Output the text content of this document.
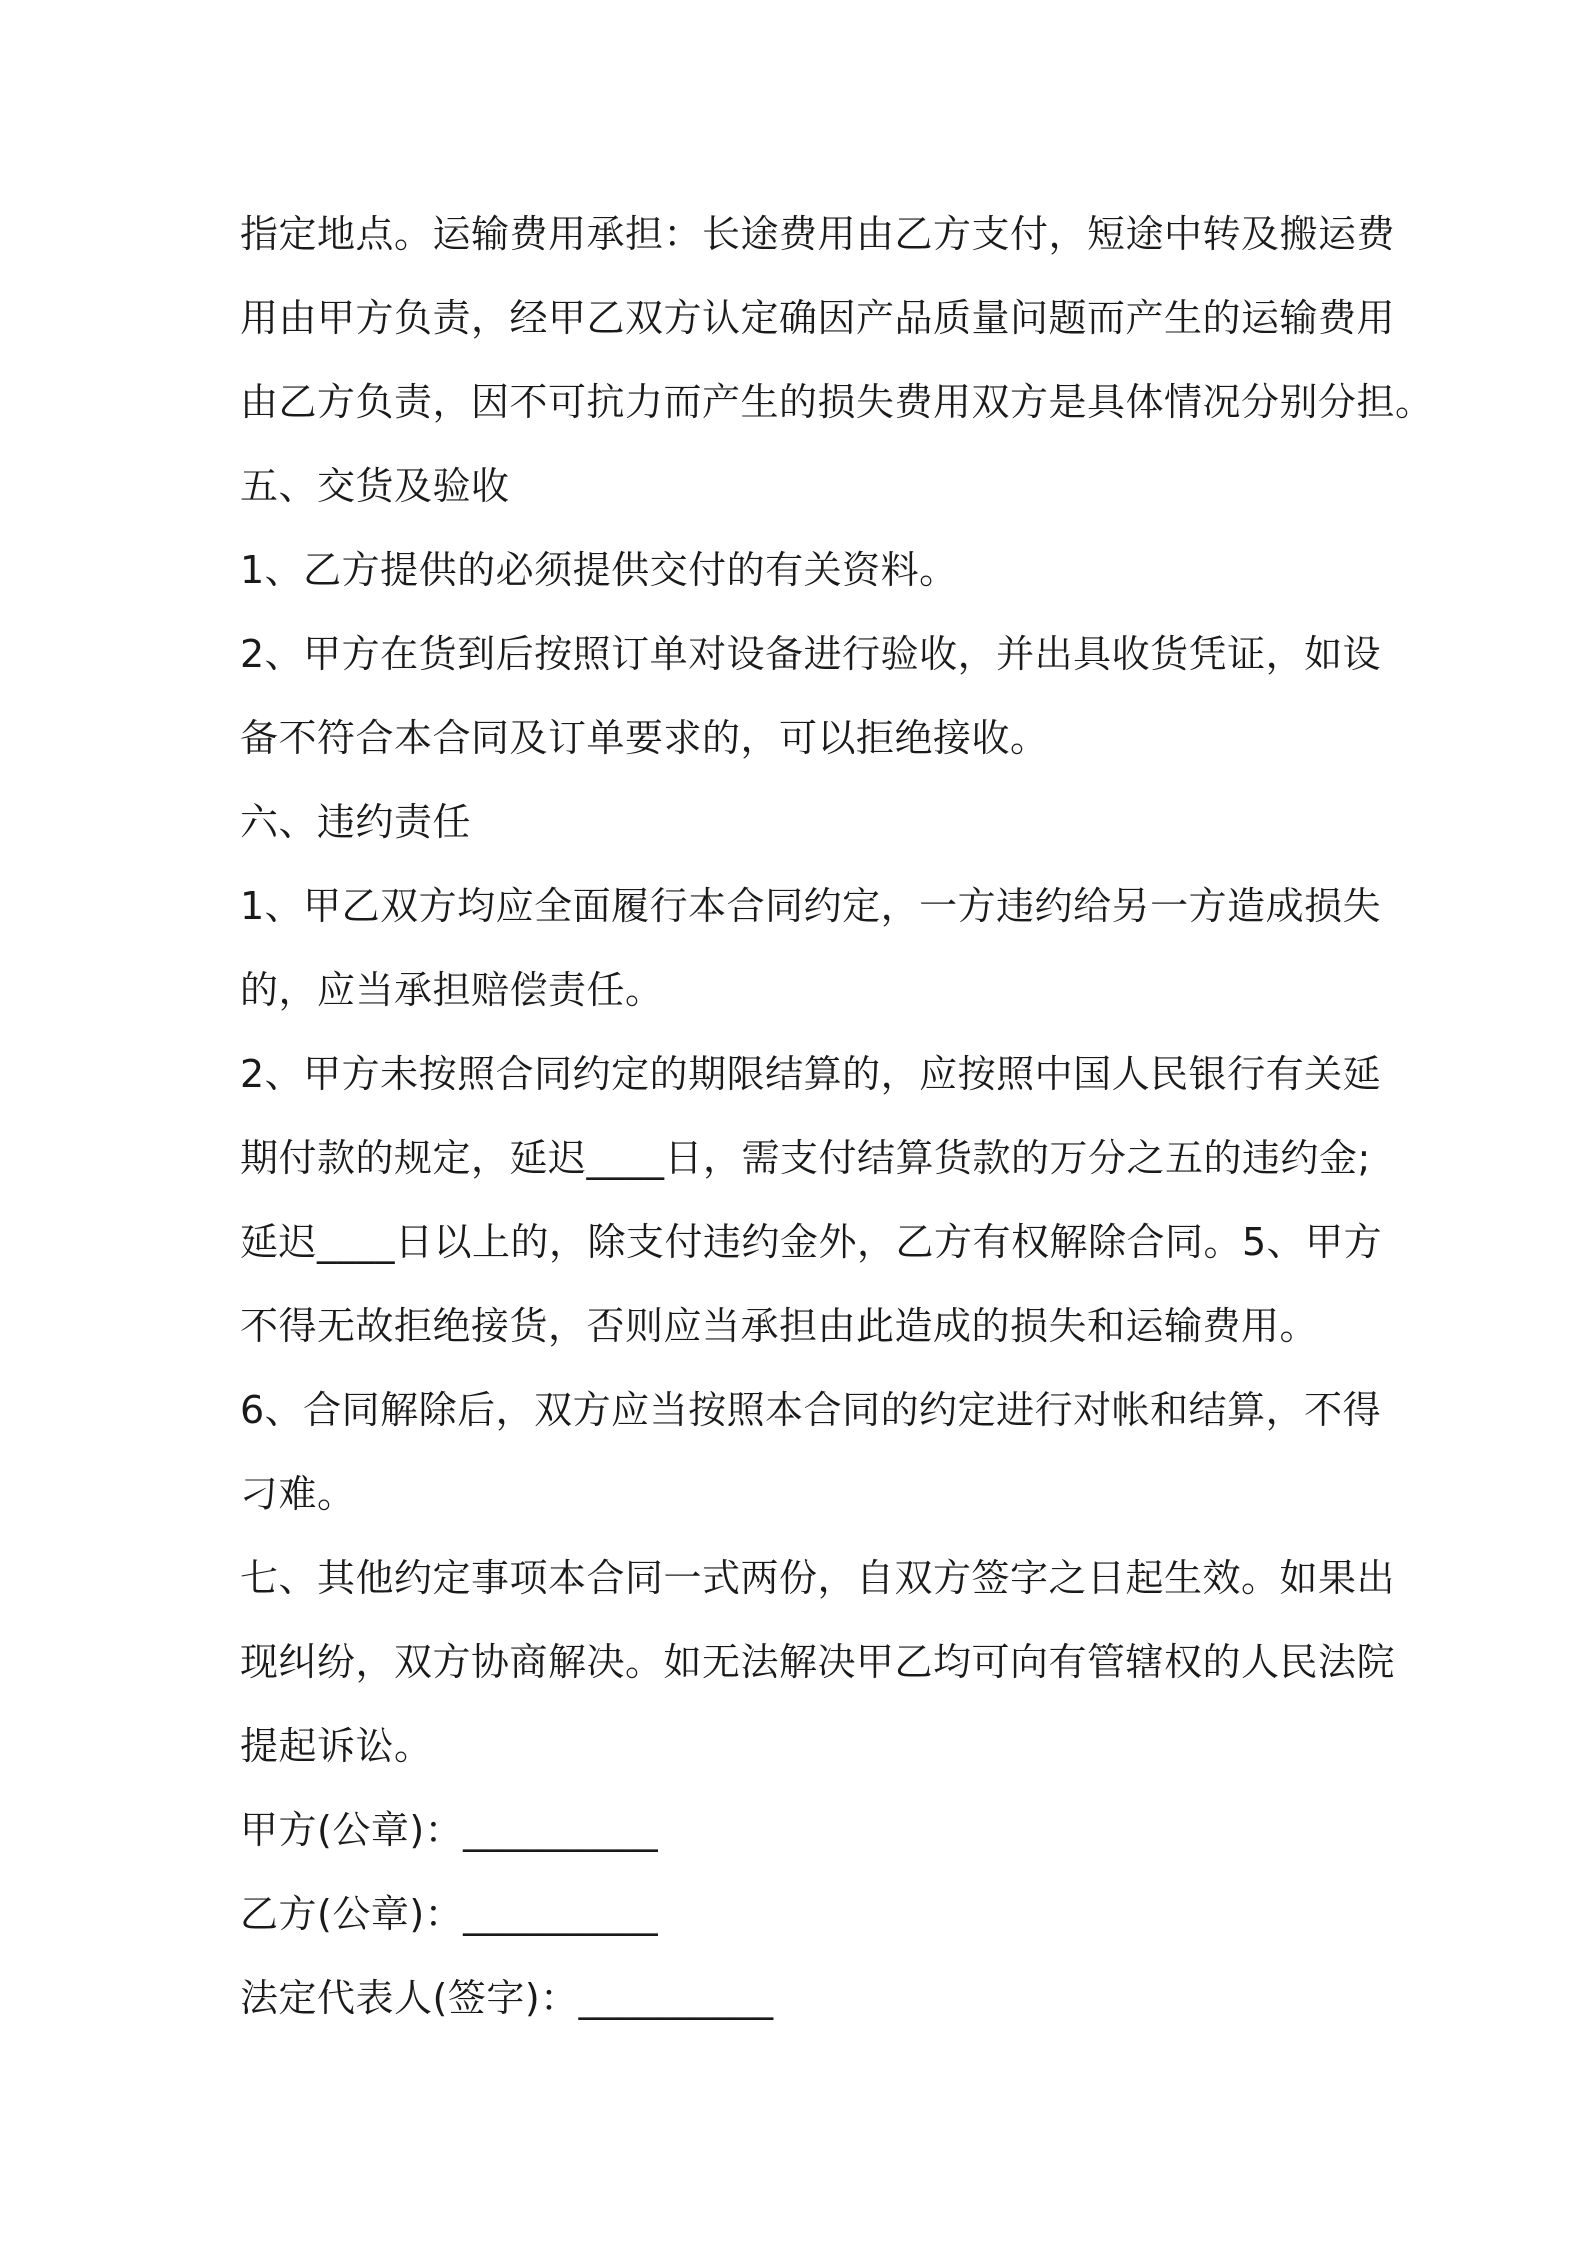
指定地点。运输费用承担：长途费用由乙方支付，短途中转及搬运费
用由甲方负责，经甲乙双方认定确因产品质量问题而产生的运输费用
由乙方负责，因不可抗力而产生的损失费用双方是具体情况分别分担。
五、交货及验收
1、乙方提供的必须提供交付的有关资料。
2、甲方在货到后按照订单对设备进行验收，并出具收货凭证，如设
备不符合本合同及订单要求的，可以拒绝接收。
六、违约责任
1、甲乙双方均应全面履行本合同约定，一方违约给另一方造成损失
的，应当承担赔偿责任。
2、甲方未按照合同约定的期限结算的，应按照中国人民银行有关延
期付款的规定，延迟____日，需支付结算货款的万分之五的违约金;
延迟____日以上的，除支付违约金外，乙方有权解除合同。5、甲方
不得无故拒绝接货，否则应当承担由此造成的损失和运输费用。
6、合同解除后，双方应当按照本合同的约定进行对帐和结算，不得
刁难。
七、其他约定事项本合同一式两份，自双方签字之日起生效。如果出
现纠纷，双方协商解决。如无法解决甲乙均可向有管辖权的人民法院
提起诉讼。
甲方(公章)：__________
乙方(公章)：__________
法定代表人(签字)：__________
